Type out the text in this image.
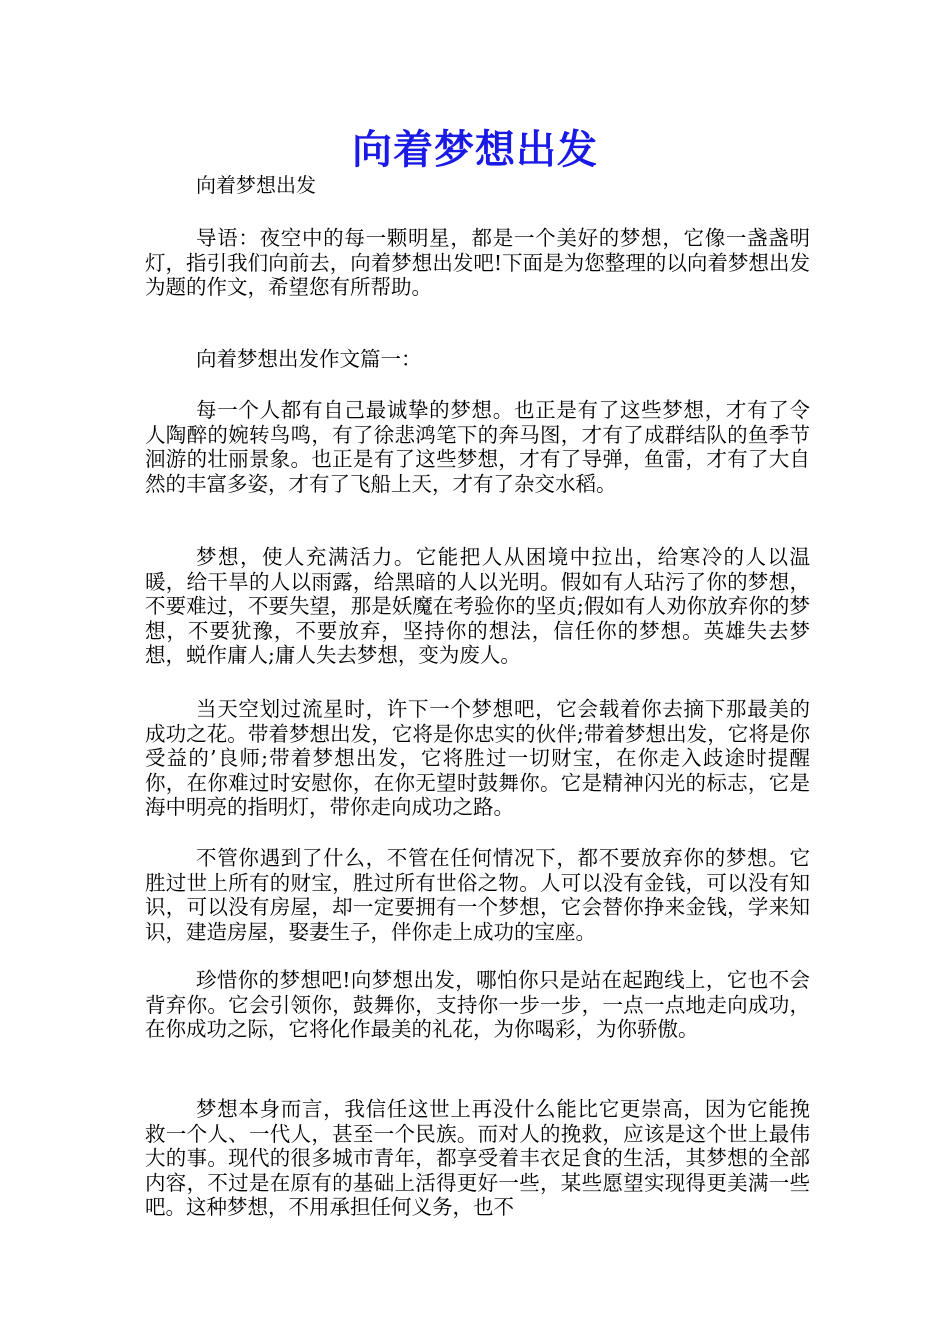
向着梦想出发

向着梦想出发

导语：夜空中的每一颗明星，都是一个美好的梦想，它像一盏盏明灯，指引我们向前去，向着梦想出发吧!下面是为您整理的以向着梦想出发为题的作文，希望您有所帮助。

向着梦想出发作文篇一：

每一个人都有自己最诚挚的梦想。也正是有了这些梦想，才有了令人陶醉的婉转鸟鸣，有了徐悲鸿笔下的奔马图，才有了成群结队的鱼季节洄游的壮丽景象。也正是有了这些梦想，才有了导弹，鱼雷，才有了大自然的丰富多姿，才有了飞船上天，才有了杂交水稻。

梦想，使人充满活力。它能把人从困境中拉出，给寒冷的人以温暖，给干旱的人以雨露，给黑暗的人以光明。假如有人玷污了你的梦想，不要难过，不要失望，那是妖魔在考验你的坚贞;假如有人劝你放弃你的梦想，不要犹豫，不要放弃，坚持你的想法，信任你的梦想。英雄失去梦想，蜕作庸人;庸人失去梦想，变为废人。

当天空划过流星时，许下一个梦想吧，它会载着你去摘下那最美的成功之花。带着梦想出发，它将是你忠实的伙伴;带着梦想出发，它将是你受益的’良师;带着梦想出发，它将胜过一切财宝，在你走入歧途时提醒你，在你难过时安慰你，在你无望时鼓舞你。它是精神闪光的标志，它是海中明亮的指明灯，带你走向成功之路。

不管你遇到了什么，不管在任何情况下，都不要放弃你的梦想。它胜过世上所有的财宝，胜过所有世俗之物。人可以没有金钱，可以没有知识，可以没有房屋，却一定要拥有一个梦想，它会替你挣来金钱，学来知识，建造房屋，娶妻生子，伴你走上成功的宝座。

珍惜你的梦想吧!向梦想出发，哪怕你只是站在起跑线上，它也不会背弃你。它会引领你，鼓舞你，支持你一步一步，一点一点地走向成功，在你成功之际，它将化作最美的礼花，为你喝彩，为你骄傲。

梦想本身而言，我信任这世上再没什么能比它更崇高，因为它能挽救一个人、一代人，甚至一个民族。而对人的挽救，应该是这个世上最伟大的事。现代的很多城市青年，都享受着丰衣足食的生活，其梦想的全部内容，不过是在原有的基础上活得更好一些，某些愿望实现得更美满一些吧。这种梦想，不用承担任何义务，也不
